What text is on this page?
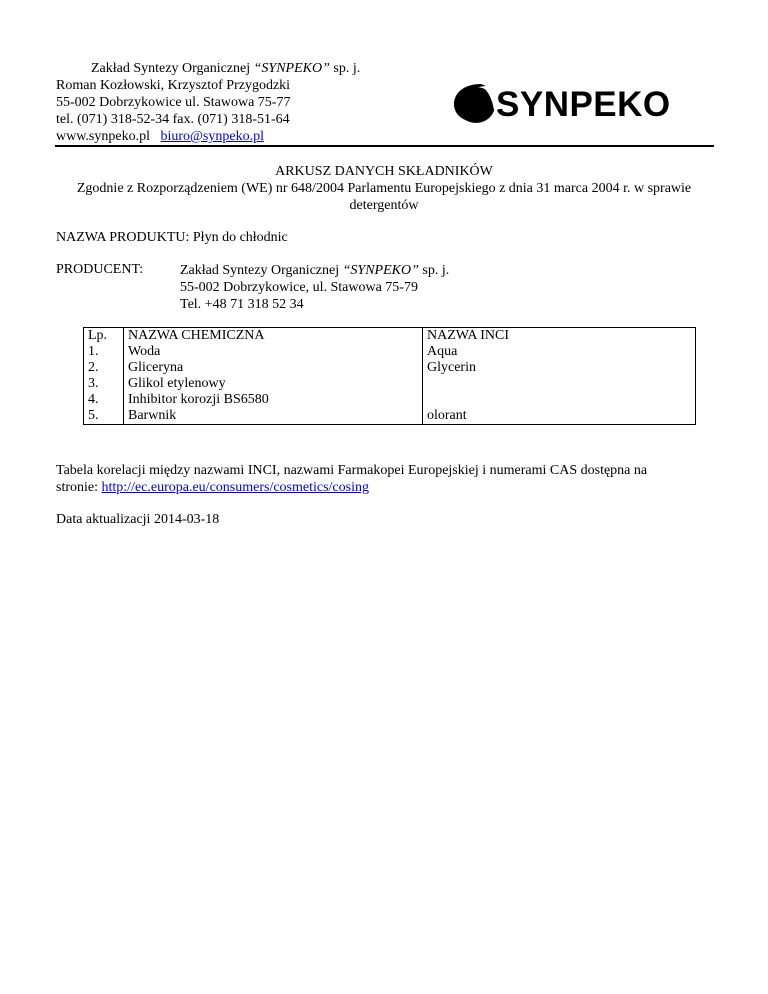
Zakład Syntezy Organicznej “SYNPEKO” sp. j.
Roman Kozłowski, Krzysztof Przygodzki
55-002 Dobrzykowice ul. Stawowa 75-77
tel. (071) 318-52-34 fax. (071) 318-51-64
www.synpeko.pl biuro@synpeko.pl
SYNPEKO
ARKUSZ DANYCH SKŁADNIKÓW
Zgodnie z Rozporządzeniem (WE) nr 648/2004 Parlamentu Europejskiego z dnia 31 marca 2004 r. w sprawie
detergentów
NAZWA PRODUKTU: Płyn do chłodnic
PRODUCENT:	Zakład Syntezy Organicznej “SYNPEKO” sp. j.
55-002 Dobrzykowice, ul. Stawowa 75-79
Tel. +48 71 318 52 34
Lp.	NAZWA CHEMICZNA	NAZWA INCI
1.	Woda	Aqua
2.	Gliceryna	Glycerin
3.	Glikol etylenowy	
4.	Inhibitor korozji BS6580	
5.	Barwnik	olorant
Tabela korelacji między nazwami INCI, nazwami Farmakopei Europejskiej i numerami CAS dostępna na
stronie: http://ec.europa.eu/consumers/cosmetics/cosing
Data aktualizacji 2014-03-18
